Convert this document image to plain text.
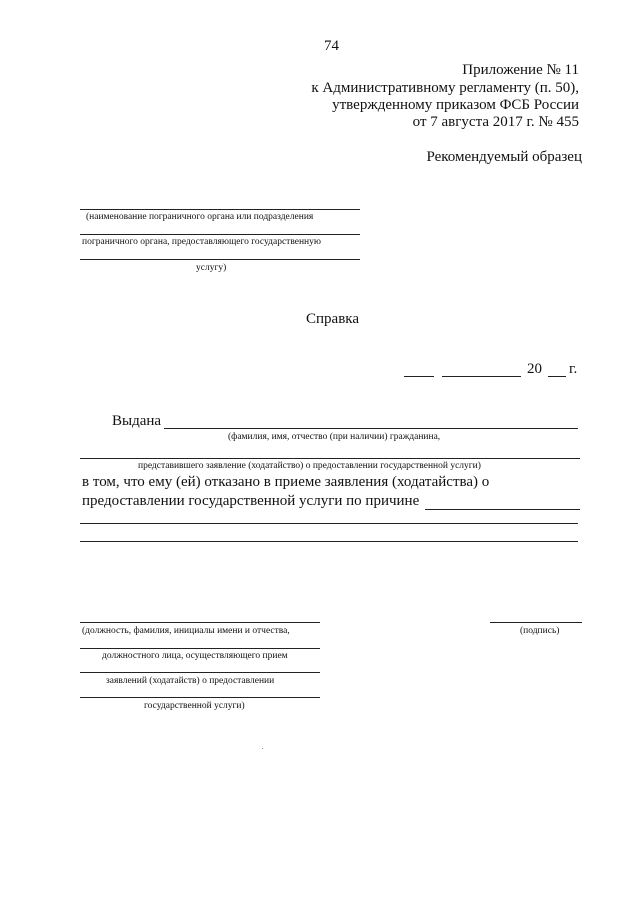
74
Приложение № 11
к Административному регламенту (п. 50),
утвержденному приказом ФСБ России
от 7 августа 2017 г. № 455
Рекомендуемый образец
(наименование пограничного органа или подразделения
пограничного органа, предоставляющего государственную
услугу)
Справка
20 г.
Выдана
(фамилия, имя, отчество (при наличии) гражданина,
представившего заявление (ходатайство) о предоставлении государственной услуги)
в том, что ему (ей) отказано в приеме заявления (ходатайства) о
предоставлении государственной услуги по причине
(должность, фамилия, инициалы имени и отчества,
должностного лица, осуществляющего прием
заявлений (ходатайств) о предоставлении
государственной услуги)
(подпись)
